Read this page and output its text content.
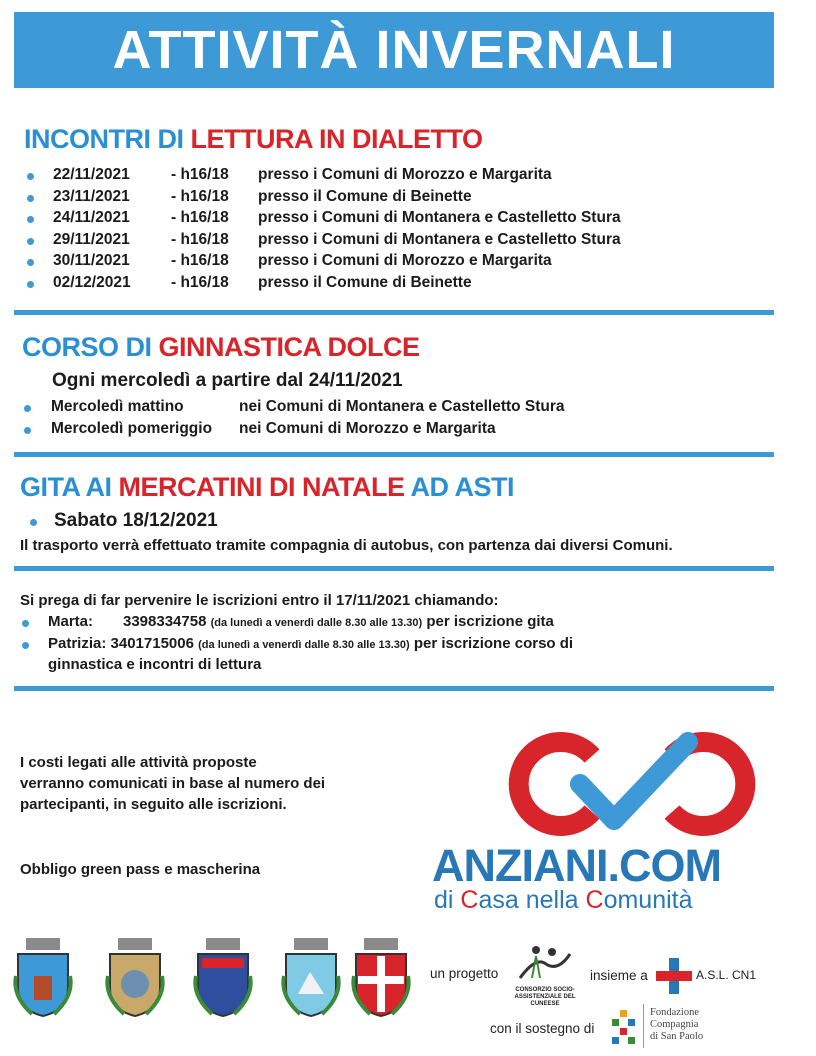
ATTIVITÀ INVERNALI
INCONTRI DI LETTURA IN DIALETTO
22/11/2021	- h16/18	presso i Comuni di Morozzo e Margarita
23/11/2021	- h16/18	presso il Comune di Beinette
24/11/2021	- h16/18	presso i Comuni di Montanera e Castelletto Stura
29/11/2021	- h16/18	presso i Comuni di Montanera e Castelletto Stura
30/11/2021	- h16/18	presso i Comuni di Morozzo e Margarita
02/12/2021	- h16/18	presso il Comune di Beinette
CORSO DI GINNASTICA DOLCE
Ogni mercoledì a partire dal 24/11/2021
Mercoledì mattino	nei Comuni di Montanera e Castelletto Stura
Mercoledì pomeriggio	nei Comuni di Morozzo e Margarita
GITA AI MERCATINI DI NATALE AD ASTI
Sabato 18/12/2021
Il trasporto verrà effettuato tramite compagnia di autobus, con partenza dai diversi Comuni.
Si prega di far pervenire le iscrizioni entro il 17/11/2021 chiamando:
Marta: 3398334758 (da lunedì a venerdì dalle 8.30 alle 13.30) per iscrizione gita
Patrizia: 3401715006 (da lunedì a venerdì dalle 8.30 alle 13.30) per iscrizione corso di
ginnastica e incontri di lettura
I costi legati alle attività proposte
verranno comunicati in base al numero dei
partecipanti, in seguito alle iscrizioni.
Obbligo green pass e mascherina	ANZIANI.COM
di Casa nella Comunità
un progetto
CONSORZIO SOCIO-ASSISTENZIALE DEL CUNEESE
insieme a	A.S.L. CN1
con il sostegno di
Fondazione
Compagnia
di San Paolo
